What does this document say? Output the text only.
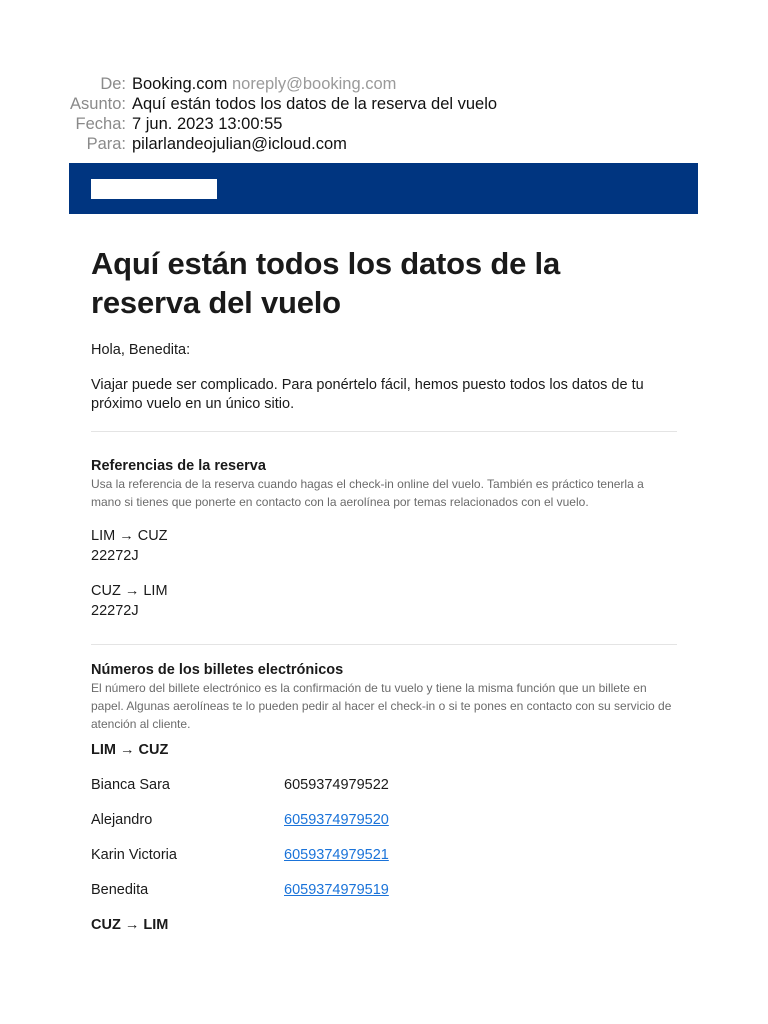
De: Booking.com noreply@booking.com
Asunto: Aquí están todos los datos de la reserva del vuelo
Fecha: 7 jun. 2023 13:00:55
Para: pilarlandeojulian@icloud.com
Aquí están todos los datos de la reserva del vuelo
Hola, Benedita:
Viajar puede ser complicado. Para ponértelo fácil, hemos puesto todos los datos de tu próximo vuelo en un único sitio.
Referencias de la reserva
Usa la referencia de la reserva cuando hagas el check-in online del vuelo. También es práctico tenerla a mano si tienes que ponerte en contacto con la aerolínea por temas relacionados con el vuelo.
LIM → CUZ
22272J
CUZ → LIM
22272J
Números de los billetes electrónicos
El número del billete electrónico es la confirmación de tu vuelo y tiene la misma función que un billete en papel. Algunas aerolíneas te lo pueden pedir al hacer el check-in o si te pones en contacto con su servicio de atención al cliente.
LIM → CUZ
Bianca Sara	6059374979522
Alejandro	6059374979520
Karin Victoria	6059374979521
Benedita	6059374979519
CUZ → LIM
